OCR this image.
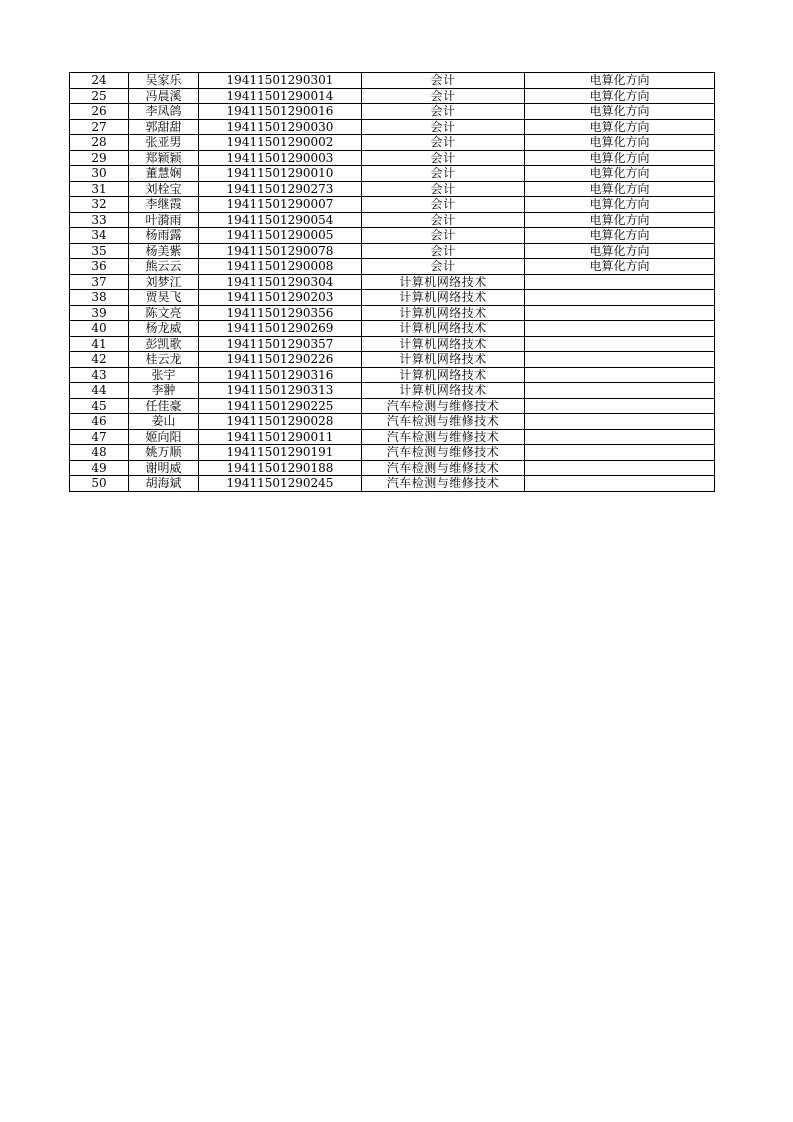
24	吴家乐	19411501290301	会计	电算化方向
25	冯晨溪	19411501290014	会计	电算化方向
26	李凤鸽	19411501290016	会计	电算化方向
27	郭甜甜	19411501290030	会计	电算化方向
28	张亚男	19411501290002	会计	电算化方向
29	郑颖颖	19411501290003	会计	电算化方向
30	董慧娴	19411501290010	会计	电算化方向
31	刘栓宝	19411501290273	会计	电算化方向
32	李继霞	19411501290007	会计	电算化方向
33	叶漪雨	19411501290054	会计	电算化方向
34	杨雨露	19411501290005	会计	电算化方向
35	杨美紫	19411501290078	会计	电算化方向
36	熊云云	19411501290008	会计	电算化方向
37	刘梦江	19411501290304	计算机网络技术	
38	贾昊飞	19411501290203	计算机网络技术	
39	陈文亮	19411501290356	计算机网络技术	
40	杨龙威	19411501290269	计算机网络技术	
41	彭凯歌	19411501290357	计算机网络技术	
42	桂云龙	19411501290226	计算机网络技术	
43	张宇	19411501290316	计算机网络技术	
44	李翀	19411501290313	计算机网络技术	
45	任佳豪	19411501290225	汽车检测与维修技术	
46	姜山	19411501290028	汽车检测与维修技术	
47	姬向阳	19411501290011	汽车检测与维修技术	
48	姚万顺	19411501290191	汽车检测与维修技术	
49	谢明威	19411501290188	汽车检测与维修技术	
50	胡海斌	19411501290245	汽车检测与维修技术	
